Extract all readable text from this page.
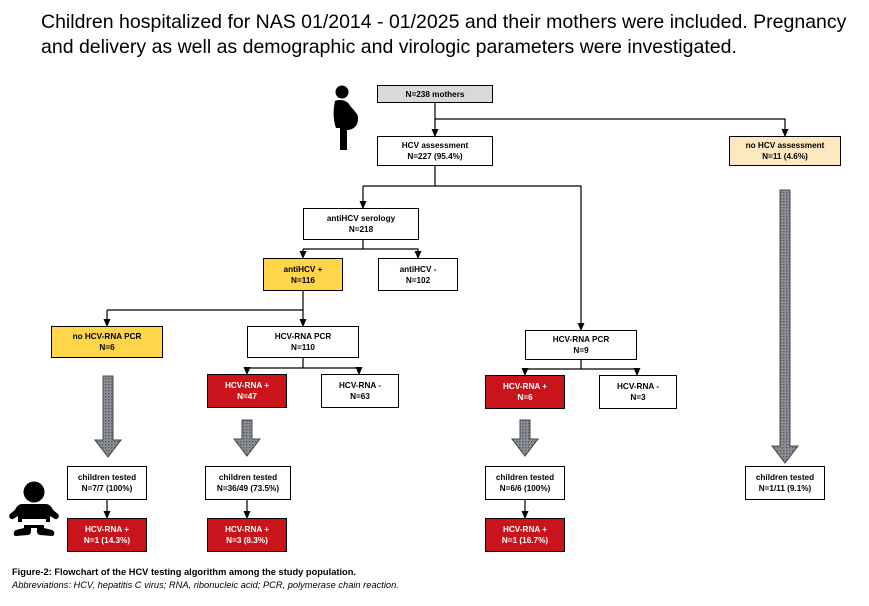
Children hospitalized for NAS 01/2014 - 01/2025 and their mothers were included. Pregnancy and delivery as well as demographic and virologic parameters were investigated.

N=238 mothers
HCV assessment
N=227 (95.4%)
no HCV assessment
N=11 (4.6%)
antiHCV serology
N=218
antiHCV +
N=116
antiHCV -
N=102
no HCV-RNA PCR
N=6
HCV-RNA PCR
N=110
HCV-RNA PCR
N=9
HCV-RNA +
N=47
HCV-RNA -
N=63
HCV-RNA +
N=6
HCV-RNA -
N=3
children tested
N=7/7 (100%)
children tested
N=36/49 (73.5%)
children tested
N=6/6 (100%)
children tested
N=1/11 (9.1%)
HCV-RNA +
N=1 (14.3%)
HCV-RNA +
N=3 (8.3%)
HCV-RNA +
N=1 (16.7%)
Figure-2: Flowchart of the HCV testing algorithm among the study population.
Abbreviations: HCV, hepatitis C virus; RNA, ribonucleic acid; PCR, polymerase chain reaction.
